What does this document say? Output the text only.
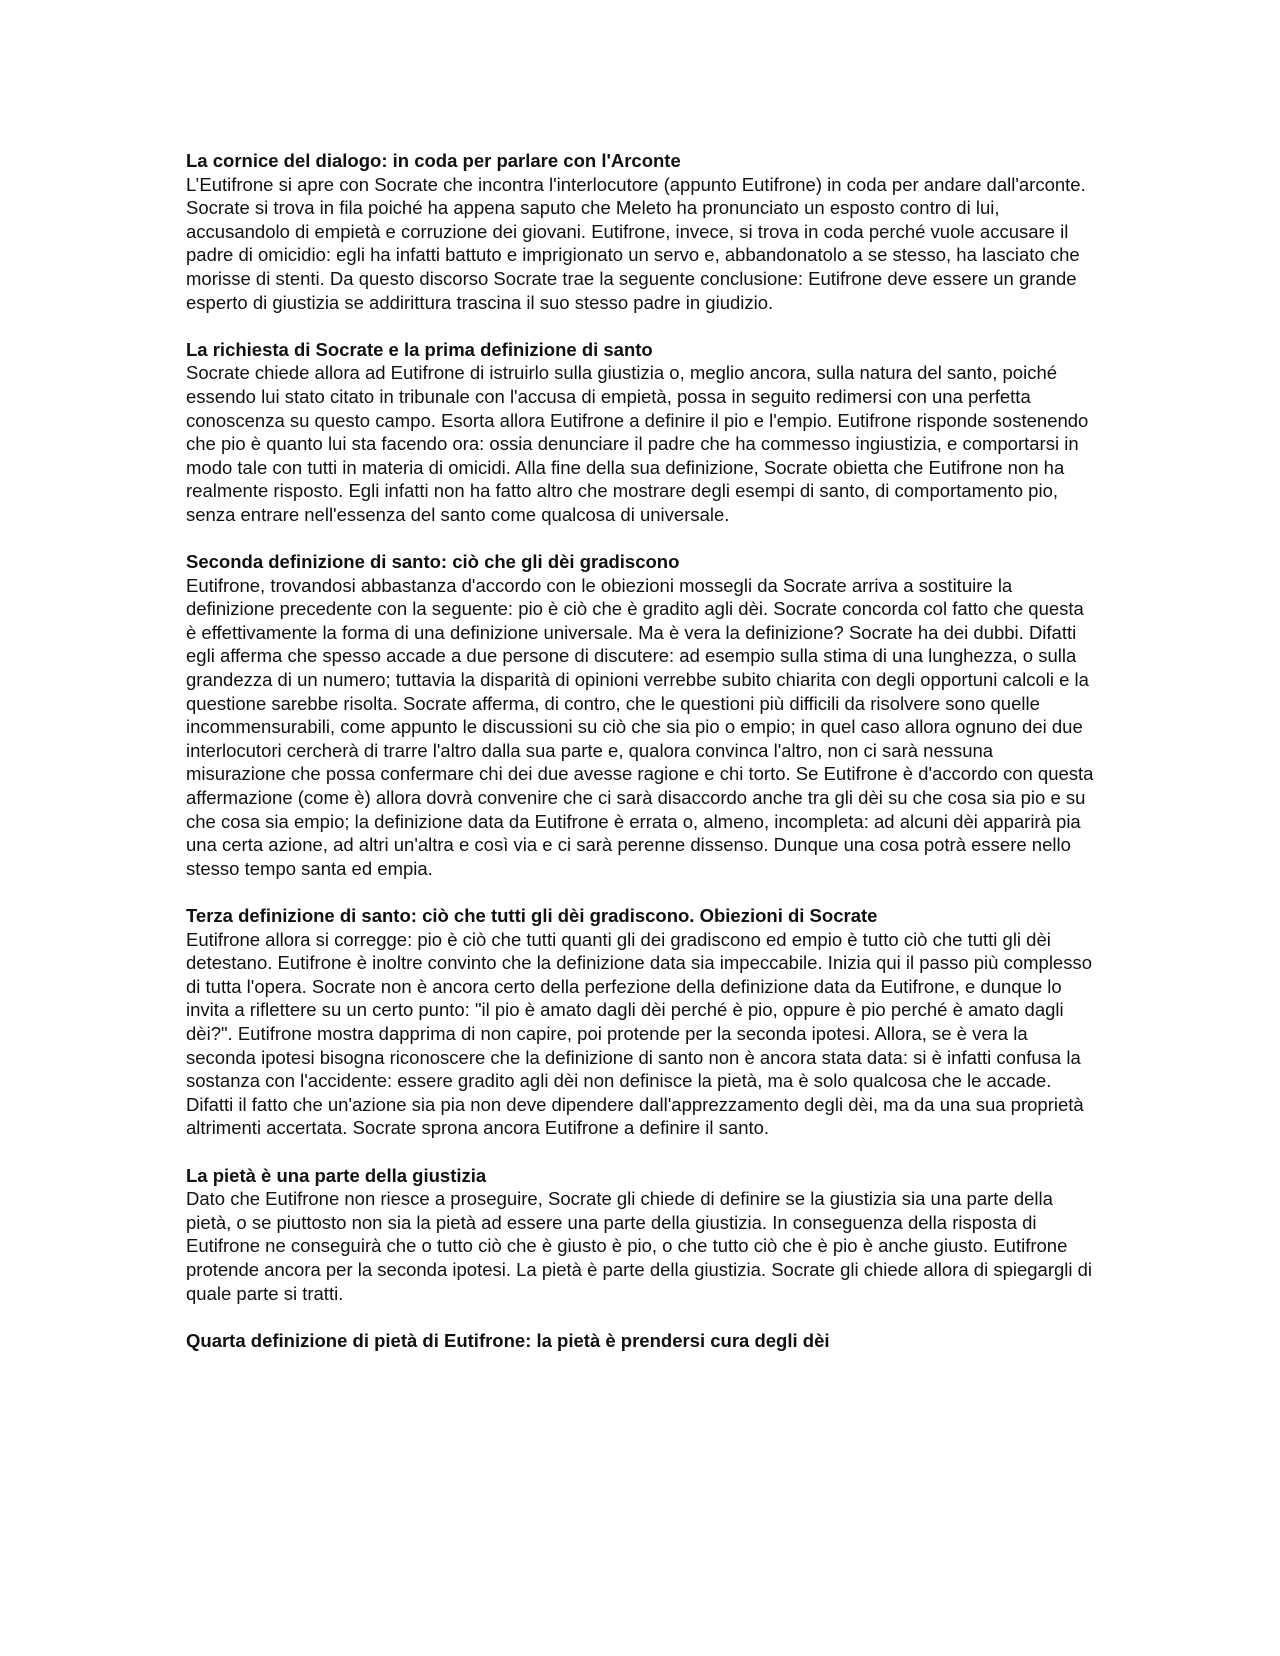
La cornice del dialogo: in coda per parlare con l'Arconte

L’Eutifrone si apre con Socrate che incontra l'interlocutore (appunto Eutifrone) in coda per andare dall'arconte. Socrate si trova in fila poiché ha appena saputo che Meleto ha pronunciato un esposto contro di lui, accusandolo di empietà e corruzione dei giovani. Eutifrone, invece, si trova in coda perché vuole accusare il padre di omicidio: egli ha infatti battuto e imprigionato un servo e, abbandonatolo a se stesso, ha lasciato che morisse di stenti. Da questo discorso Socrate trae la seguente conclusione: Eutifrone deve essere un grande esperto di giustizia se addirittura trascina il suo stesso padre in giudizio.

La richiesta di Socrate e la prima definizione di santo

Socrate chiede allora ad Eutifrone di istruirlo sulla giustizia o, meglio ancora, sulla natura del santo, poiché essendo lui stato citato in tribunale con l'accusa di empietà, possa in seguito redimersi con una perfetta conoscenza su questo campo. Esorta allora Eutifrone a definire il pio e l'empio. Eutifrone risponde sostenendo che pio è quanto lui sta facendo ora: ossia denunciare il padre che ha commesso ingiustizia, e comportarsi in modo tale con tutti in materia di omicidi. Alla fine della sua definizione, Socrate obietta che Eutifrone non ha realmente risposto. Egli infatti non ha fatto altro che mostrare degli esempi di santo, di comportamento pio, senza entrare nell'essenza del santo come qualcosa di universale.

Seconda definizione di santo: ciò che gli dèi gradiscono

Eutifrone, trovandosi abbastanza d'accordo con le obiezioni mossegli da Socrate arriva a sostituire la definizione precedente con la seguente: pio è ciò che è gradito agli dèi. Socrate concorda col fatto che questa è effettivamente la forma di una definizione universale. Ma è vera la definizione? Socrate ha dei dubbi. Difatti egli afferma che spesso accade a due persone di discutere: ad esempio sulla stima di una lunghezza, o sulla grandezza di un numero; tuttavia la disparità di opinioni verrebbe subito chiarita con degli opportuni calcoli e la questione sarebbe risolta. Socrate afferma, di contro, che le questioni più difficili da risolvere sono quelle incommensurabili, come appunto le discussioni su ciò che sia pio o empio; in quel caso allora ognuno dei due interlocutori cercherà di trarre l'altro dalla sua parte e, qualora convinca l'altro, non ci sarà nessuna misurazione che possa confermare chi dei due avesse ragione e chi torto. Se Eutifrone è d'accordo con questa affermazione (come è) allora dovrà convenire che ci sarà disaccordo anche tra gli dèi su che cosa sia pio e su che cosa sia empio; la definizione data da Eutifrone è errata o, almeno, incompleta: ad alcuni dèi apparirà pia una certa azione, ad altri un'altra e così via e ci sarà perenne dissenso. Dunque una cosa potrà essere nello stesso tempo santa ed empia.

Terza definizione di santo: ciò che tutti gli dèi gradiscono. Obiezioni di Socrate

Eutifrone allora si corregge: pio è ciò che tutti quanti gli dei gradiscono ed empio è tutto ciò che tutti gli dèi detestano. Eutifrone è inoltre convinto che la definizione data sia impeccabile. Inizia qui il passo più complesso di tutta l'opera. Socrate non è ancora certo della perfezione della definizione data da Eutifrone, e dunque lo invita a riflettere su un certo punto: "il pio è amato dagli dèi perché è pio, oppure è pio perché è amato dagli dèi?". Eutifrone mostra dapprima di non capire, poi protende per la seconda ipotesi. Allora, se è vera la seconda ipotesi bisogna riconoscere che la definizione di santo non è ancora stata data: si è infatti confusa la sostanza con l'accidente: essere gradito agli dèi non definisce la pietà, ma è solo qualcosa che le accade. Difatti il fatto che un'azione sia pia non deve dipendere dall'apprezzamento degli dèi, ma da una sua proprietà altrimenti accertata. Socrate sprona ancora Eutifrone a definire il santo.

La pietà è una parte della giustizia

Dato che Eutifrone non riesce a proseguire, Socrate gli chiede di definire se la giustizia sia una parte della pietà, o se piuttosto non sia la pietà ad essere una parte della giustizia. In conseguenza della risposta di Eutifrone ne conseguirà che o tutto ciò che è giusto è pio, o che tutto ciò che è pio è anche giusto. Eutifrone protende ancora per la seconda ipotesi. La pietà è parte della giustizia. Socrate gli chiede allora di spiegargli di quale parte si tratti.

Quarta definizione di pietà di Eutifrone: la pietà è prendersi cura degli dèi
